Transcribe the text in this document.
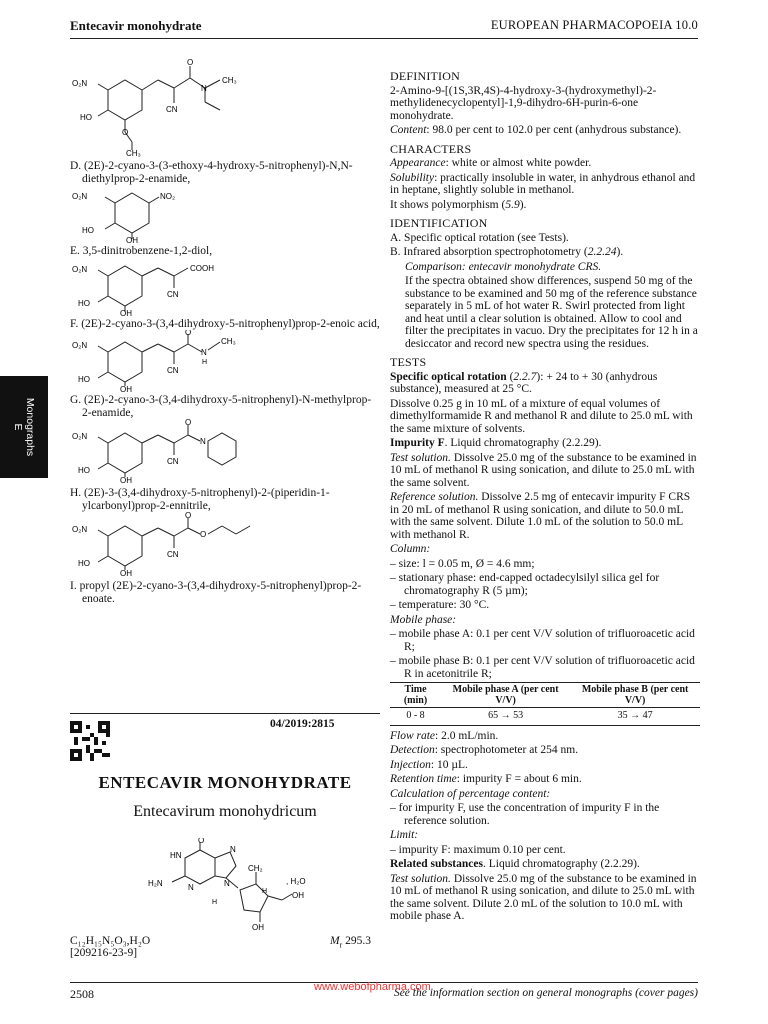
Entecavir monohydrate	EUROPEAN PHARMACOPOEIA 10.0
Monographs
E
O₂N
HO
CN
O
N
CH₃
O
CH₃
D. (2E)-2-cyano-3-(3-ethoxy-4-hydroxy-5-nitrophenyl)-N,N-diethylprop-2-enamide,
O₂N	NO₂
HO
OH
E. 3,5-dinitrobenzene-1,2-diol,
O₂N	COOH
CN
HO
OH
F. (2E)-2-cyano-3-(3,4-dihydroxy-5-nitrophenyl)prop-2-enoic acid,
O₂N
O
N
H
CH₃
CN
HO
OH
G. (2E)-2-cyano-3-(3,4-dihydroxy-5-nitrophenyl)-N-methylprop-2-enamide,
O₂N
O
N
CN
HO
OH
H. (2E)-3-(3,4-dihydroxy-5-nitrophenyl)-2-(piperidin-1-ylcarbonyl)prop-2-ennitrile,
O₂N
O
O
CN
HO
OH
I. propyl (2E)-2-cyano-3-(3,4-dihydroxy-5-nitrophenyl)prop-2-enoate.
04/2019:2815
ENTECAVIR MONOHYDRATE
Entecavirum monohydricum
O
HN
H₂N	N
N
N
CH₂
H
H
OH
OH
, H₂O
C₁₂H₁₅N₅O₃,H₂O
[209216-23-9]
$M_r$ 295.3
DEFINITION
2-Amino-9-[(1S,3R,4S)-4-hydroxy-3-(hydroxymethyl)-2-methylidenecyclopentyl]-1,9-dihydro-6H-purin-6-one monohydrate.
Content: 98.0 per cent to 102.0 per cent (anhydrous substance).
CHARACTERS
Appearance: white or almost white powder.
Solubility: practically insoluble in water, in anhydrous ethanol and in heptane, slightly soluble in methanol.
It shows polymorphism (5.9).
IDENTIFICATION
A. Specific optical rotation (see Tests).
B. Infrared absorption spectrophotometry (2.2.24).
Comparison: entecavir monohydrate CRS.
If the spectra obtained show differences, suspend 50 mg of the substance to be examined and 50 mg of the reference substance separately in 5 mL of hot water R. Swirl protected from light and heat until a clear solution is obtained. Allow to cool and filter the precipitates in vacuo. Dry the precipitates for 12 h in a desiccator and record new spectra using the residues.
TESTS
Specific optical rotation (2.2.7): + 24 to + 30 (anhydrous substance), measured at 25 °C.
Dissolve 0.25 g in 10 mL of a mixture of equal volumes of dimethylformamide R and methanol R and dilute to 25.0 mL with the same mixture of solvents.
Impurity F. Liquid chromatography (2.2.29).
Test solution. Dissolve 25.0 mg of the substance to be examined in 10 mL of methanol R using sonication, and dilute to 25.0 mL with the same solvent.
Reference solution. Dissolve 2.5 mg of entecavir impurity F CRS in 20 mL of methanol R using sonication, and dilute to 50.0 mL with the same solvent. Dilute 1.0 mL of the solution to 50.0 mL with methanol R.
Column:
– size: l = 0.05 m, Ø = 4.6 mm;
– stationary phase: end-capped octadecylsilyl silica gel for chromatography R (5 µm);
– temperature: 30 °C.
Mobile phase:
– mobile phase A: 0.1 per cent V/V solution of trifluoroacetic acid R;
– mobile phase B: 0.1 per cent V/V solution of trifluoroacetic acid R in acetonitrile R;
Time (min)	Mobile phase A (per cent V/V)	Mobile phase B (per cent V/V)
0 - 8	65 → 53	35 → 47
Flow rate: 2.0 mL/min.
Detection: spectrophotometer at 254 nm.
Injection: 10 µL.
Retention time: impurity F = about 6 min.
Calculation of percentage content:
– for impurity F, use the concentration of impurity F in the reference solution.
Limit:
– impurity F: maximum 0.10 per cent.
Related substances. Liquid chromatography (2.2.29).
Test solution. Dissolve 25.0 mg of the substance to be examined in 10 mL of methanol R using sonication, and dilute to 25.0 mL with the same solvent. Dilute 2.0 mL of the solution to 10.0 mL with mobile phase A.
2508	See the information section on general monographs (cover pages)
www.webofpharma.com
